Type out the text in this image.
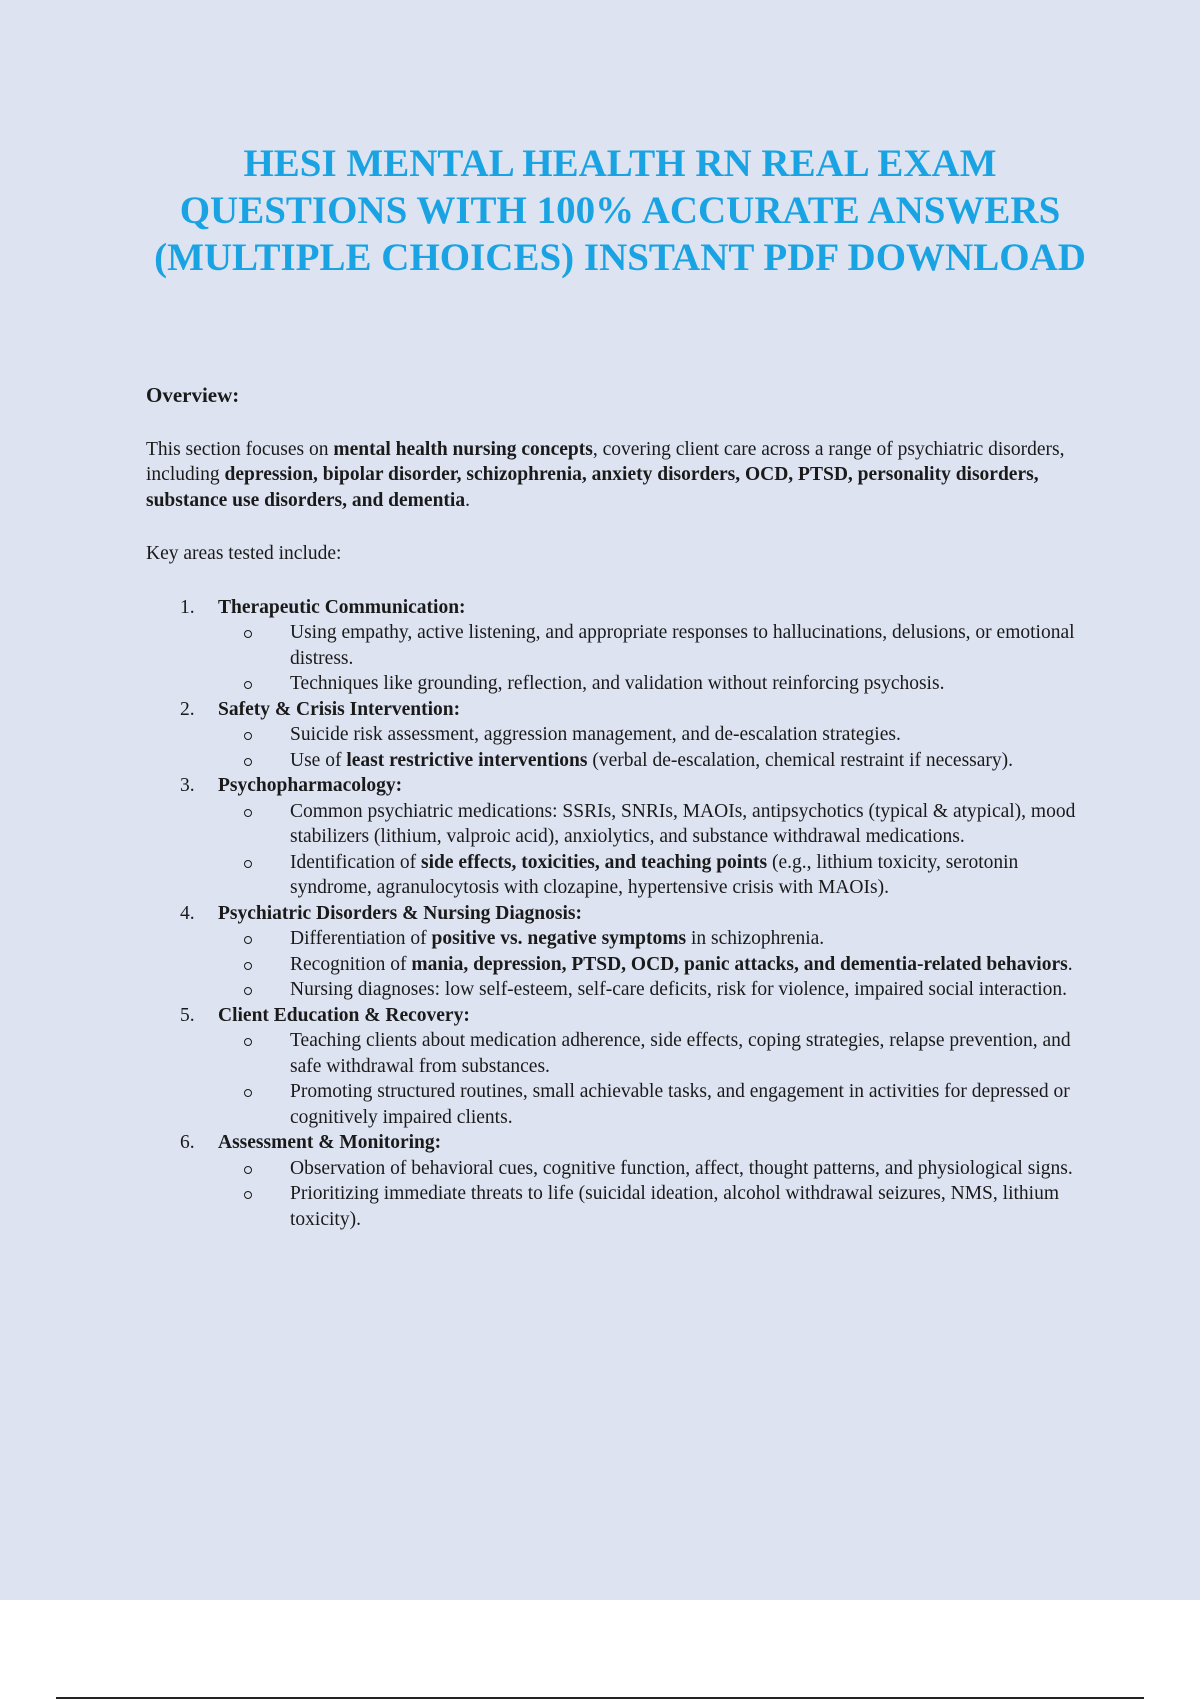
HESI MENTAL HEALTH RN REAL EXAM QUESTIONS WITH 100% ACCURATE ANSWERS (MULTIPLE CHOICES) INSTANT PDF DOWNLOAD

Overview:

This section focuses on mental health nursing concepts, covering client care across a range of psychiatric disorders, including depression, bipolar disorder, schizophrenia, anxiety disorders, OCD, PTSD, personality disorders, substance use disorders, and dementia.

Key areas tested include:

1. Therapeutic Communication:
Using empathy, active listening, and appropriate responses to hallucinations, delusions, or emotional distress.
Techniques like grounding, reflection, and validation without reinforcing psychosis.
2. Safety & Crisis Intervention:
Suicide risk assessment, aggression management, and de-escalation strategies.
Use of least restrictive interventions (verbal de-escalation, chemical restraint if necessary).
3. Psychopharmacology:
Common psychiatric medications: SSRIs, SNRIs, MAOIs, antipsychotics (typical & atypical), mood stabilizers (lithium, valproic acid), anxiolytics, and substance withdrawal medications.
Identification of side effects, toxicities, and teaching points (e.g., lithium toxicity, serotonin syndrome, agranulocytosis with clozapine, hypertensive crisis with MAOIs).
4. Psychiatric Disorders & Nursing Diagnosis:
Differentiation of positive vs. negative symptoms in schizophrenia.
Recognition of mania, depression, PTSD, OCD, panic attacks, and dementia-related behaviors.
Nursing diagnoses: low self-esteem, self-care deficits, risk for violence, impaired social interaction.
5. Client Education & Recovery:
Teaching clients about medication adherence, side effects, coping strategies, relapse prevention, and safe withdrawal from substances.
Promoting structured routines, small achievable tasks, and engagement in activities for depressed or cognitively impaired clients.
6. Assessment & Monitoring:
Observation of behavioral cues, cognitive function, affect, thought patterns, and physiological signs.
Prioritizing immediate threats to life (suicidal ideation, alcohol withdrawal seizures, NMS, lithium toxicity).
